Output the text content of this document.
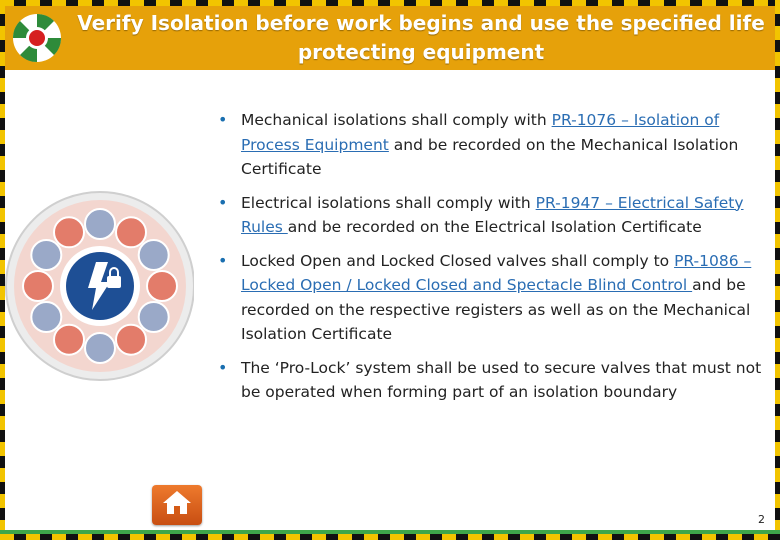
Verify Isolation before work begins and use the specified life protecting equipment
• Mechanical isolations shall comply with PR-1076 – Isolation of Process Equipment and be recorded on the Mechanical Isolation Certificate
• Electrical isolations shall comply with PR-1947 – Electrical Safety Rules and be recorded on the Electrical Isolation Certificate
• Locked Open and Locked Closed valves shall comply to PR-1086 – Locked Open / Locked Closed and Spectacle Blind Control and be recorded on the respective registers as well as on the Mechanical Isolation Certificate
• The ‘Pro-Lock’ system shall be used to secure valves that must not be operated when forming part of an isolation boundary
2
